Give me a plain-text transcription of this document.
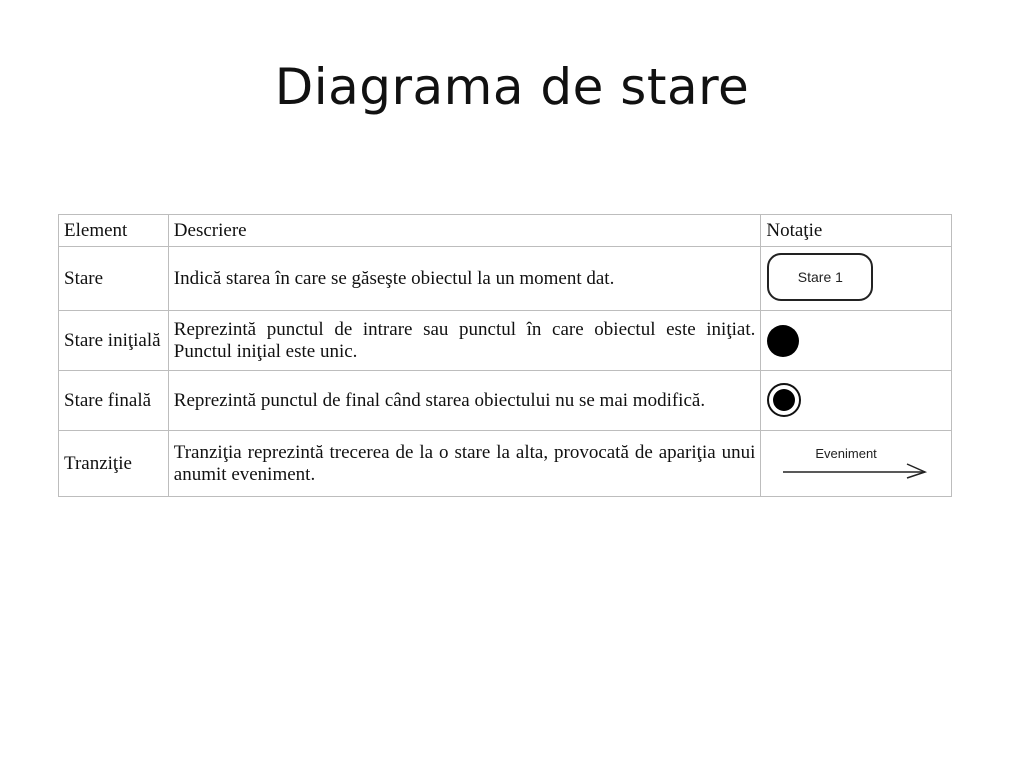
Diagrama de stare
Element	Descriere	Notaţie
Stare	Indică starea în care se găseşte obiectul la un moment dat.	Stare 1

Stare iniţială	Reprezintă punctul de intrare sau punctul în care obiectul este iniţiat. Punctul iniţial este unic.	

Stare finală	Reprezintă punctul de final când starea obiectului nu se mai modifică.	

Tranziţie	Tranziţia reprezintă trecerea de la o stare la alta, provocată de apariţia unui anumit eveniment.	Eveniment
